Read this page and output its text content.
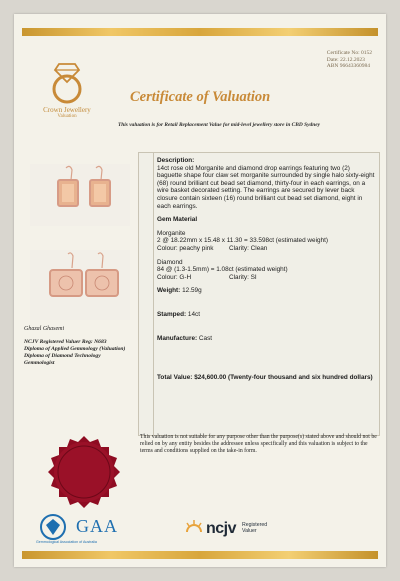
Certificate No: 0152
Date: 22.12.2023
ABN 96643360984
Crown Jewellery
Valuation
Certificate of Valuation
This valuation is for Retail Replacement Value for mid-level jewellery store in CBD Sydney
Ghazal Ghasemi
NCJV Registered Valuer Reg: N683
Diploma of Applied Gemmology (Valuation)
Diploma of Diamond Technology
Gemmologist
Description:
14ct rose old Morganite and diamond drop earrings featuring two (2) baguette shape four claw set morganite surrounded by single halo sixty-eight (68) round brilliant cut bead set diamond, thirty-four in each earrings, on a wire basket decorated setting. The earrings are secured by lever back closure contain sixteen (16) round brilliant cut bead set diamond, eight in each earrings.
Gem Material
Morganite
2 @ 18.22mm x 15.48 x 11.30 = 33.598ct (estimated weight)
Colour: peachy pink Clarity: Clean
Diamond
84 @ (1.3-1.5mm) = 1.08ct (estimated weight)
Colour: G-H	Clarity: SI
Weight: 12.59g
Stamped: 14ct
Manufacture: Cast
Total Value: $24,600.00 (Twenty-four thousand and six hundred dollars)
This valuation is not suitable for any purpose other than the purpose(s) stated above and should not be relied on by any entity besides the addressee unless specifically and this valuation is subject to the terms and conditions supplied on the take-in form.
GAA
Gemmological Association of Australia
ncjv Registered
Valuer
